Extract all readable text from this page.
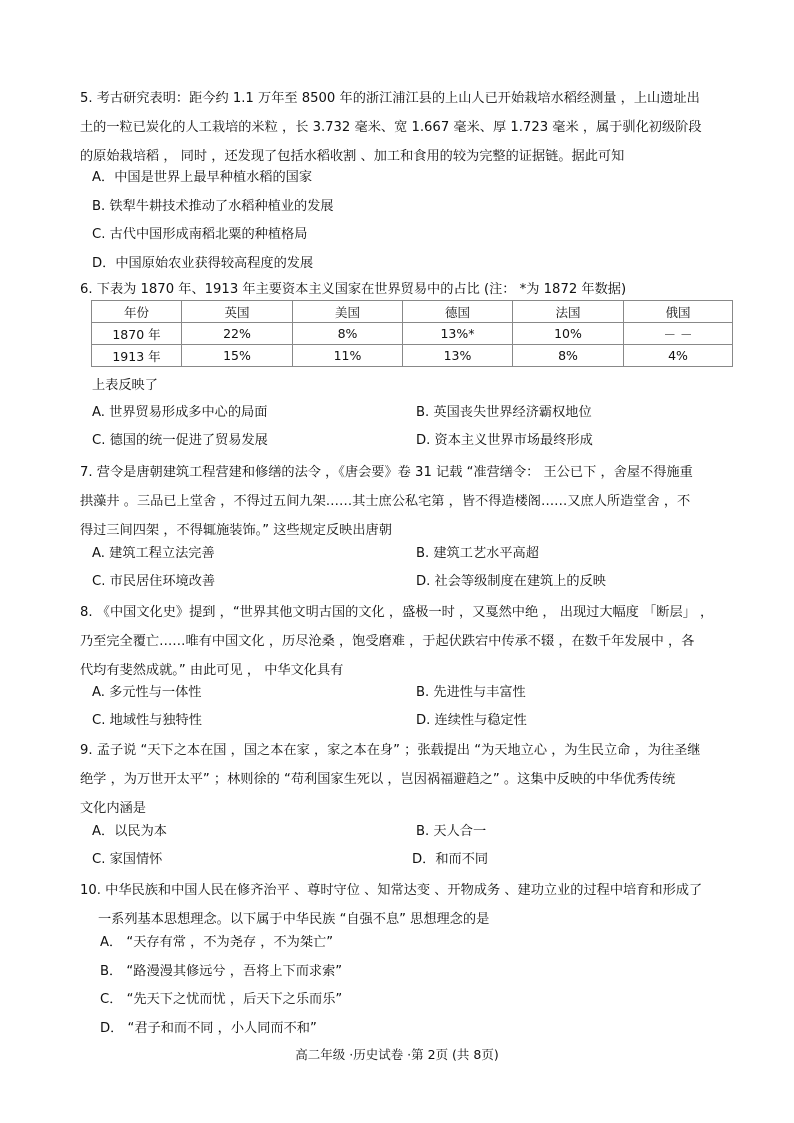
5. 考古研究表明：距今约 1.1 万年至 8500 年的浙江浦江县的上山人已开始栽培水稻经测量 ，上山遗址出

土的一粒已炭化的人工栽培的米粒 ，长 3.732 毫米、宽 1.667 毫米、厚 1.723 毫米 ，属于驯化初级阶段

的原始栽培稻 ， 同时 ，还发现了包括水稻收割 、加工和食用的较为完整的证据链。据此可知

A．中国是世界上最早种植水稻的国家
B. 铁犁牛耕技术推动了水稻种植业的发展
C. 古代中国形成南稻北粟的种植格局
D．中国原始农业获得较高程度的发展
6. 下表为 1870 年、1913 年主要资本主义国家在世界贸易中的占比 (注： *为 1872 年数据)
年份	英国	美国	德国	法国	俄国
1870 年	22%	8%	13%*	10%	－ －
1913 年	15%	11%	13%	8%	4%
上表反映了
A. 世界贸易形成多中心的局面	B. 英国丧失世界经济霸权地位
C. 德国的统一促进了贸易发展	D. 资本主义世界市场最终形成

7. 营令是唐朝建筑工程营建和修缮的法令 ，《唐会要》卷 31 记载 “准营缮令： 王公已下 ，舍屋不得施重

拱藻井 。三品已上堂舍 ，不得过五间九架……其士庶公私宅第 ，皆不得造楼阁……又庶人所造堂舍 ，不

得过三间四架 ，不得辄施装饰。” 这些规定反映出唐朝

A. 建筑工程立法完善	B. 建筑工艺水平高超
C. 市民居住环境改善	D. 社会等级制度在建筑上的反映

8. 《中国文化史》提到 ，“世界其他文明古国的文化 ，盛极一时 ，又戛然中绝 ， 出现过大幅度 「断层」 ，

乃至完全覆亡……唯有中国文化 ，历尽沧桑 ，饱受磨难 ，于起伏跌宕中传承不辍 ，在数千年发展中 ，各

代均有斐然成就。” 由此可见 ， 中华文化具有

A. 多元性与一体性	B. 先进性与丰富性
C. 地域性与独特性	D. 连续性与稳定性

9. 孟子说 “天下之本在国 ，国之本在家 ，家之本在身” ；张载提出 “为天地立心 ，为生民立命 ，为往圣继

绝学 ，为万世开太平” ；林则徐的 “苟利国家生死以 ，岂因祸福避趋之” 。这集中反映的中华优秀传统

文化内涵是

A．以民为本	B. 天人合一
C. 家国情怀	D．和而不同

10. 中华民族和中国人民在修齐治平 、尊时守位 、知常达变 、开物成务 、建功立业的过程中培育和形成了

一系列基本思想理念。以下属于中华民族 “自强不息” 思想理念的是

A． “天存有常 ，不为尧存 ，不为桀亡”
B． “路漫漫其修远兮 ，吾将上下而求索”
C． “先天下之忧而忧 ，后天下之乐而乐”
D． “君子和而不同 ，小人同而不和”
高二年级 ·历史试卷 ·第 2页 (共 8页)
